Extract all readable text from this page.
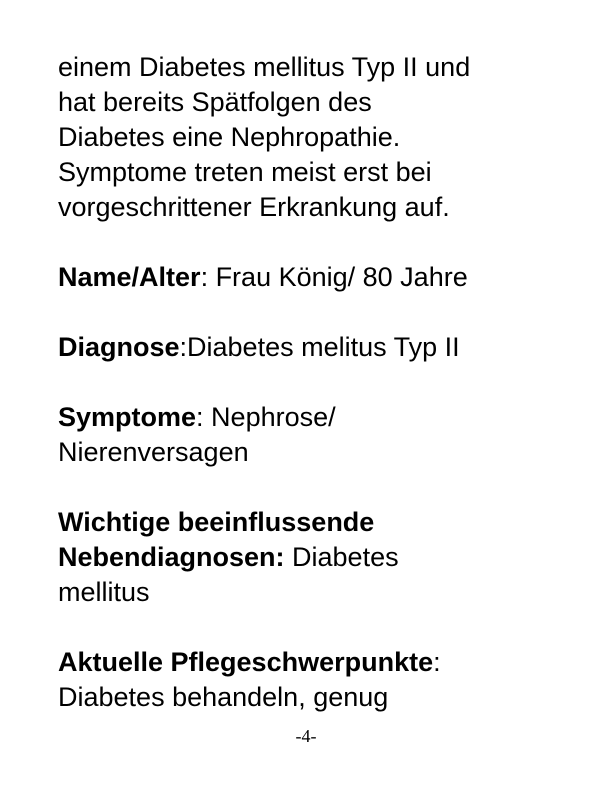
einem Diabetes mellitus Typ II und
hat bereits Spätfolgen des
Diabetes eine Nephropathie.
Symptome treten meist erst bei
vorgeschrittener Erkrankung auf.
Name/Alter: Frau König/ 80 Jahre
Diagnose:Diabetes melitus Typ II
Symptome: Nephrose/
Nierenversagen
Wichtige beeinflussende
Nebendiagnosen: Diabetes
mellitus
Aktuelle Pflegeschwerpunkte:
Diabetes behandeln, genug
-4-
